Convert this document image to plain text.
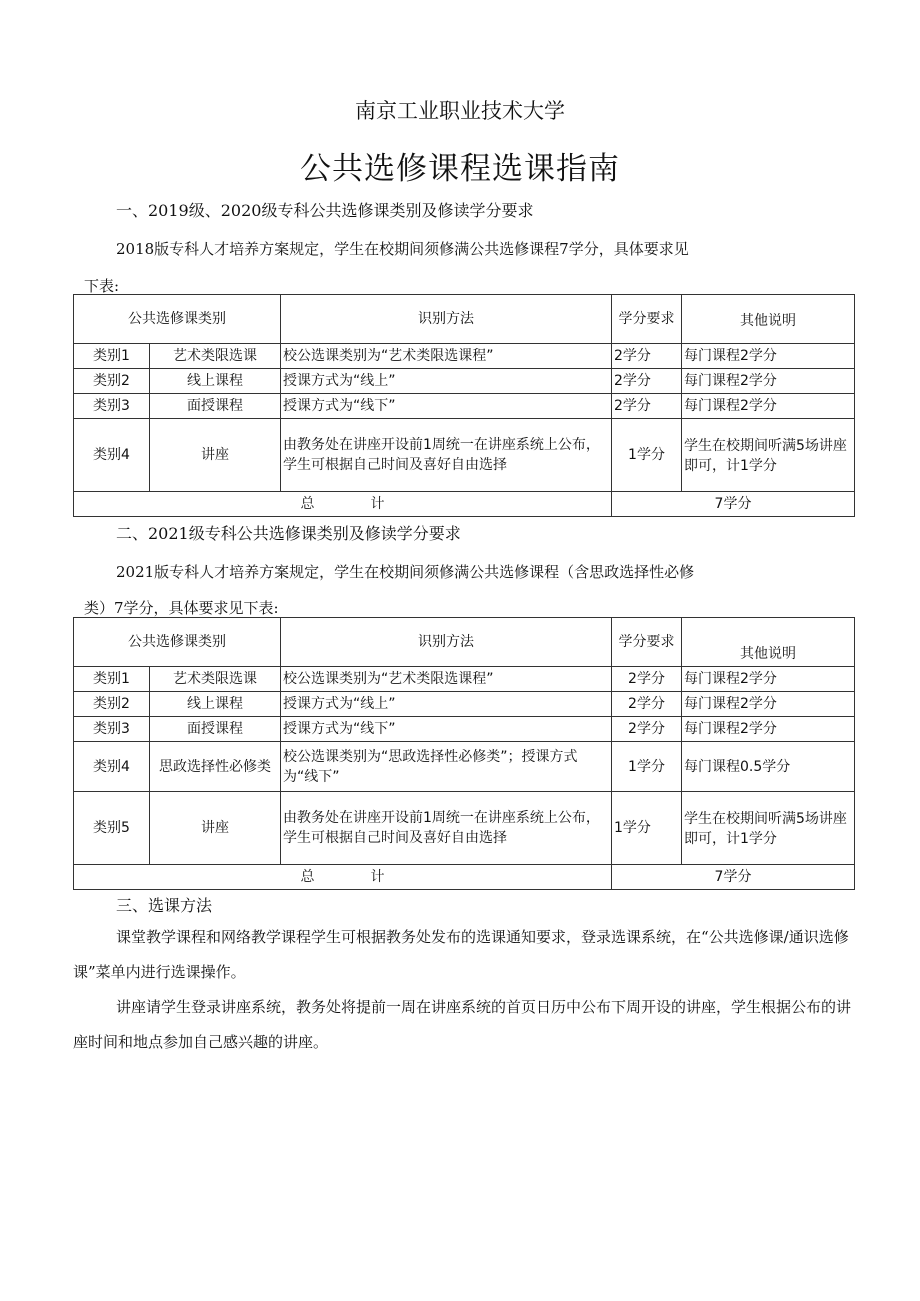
南京工业职业技术大学
公共选修课程选课指南
一、2019级、2020级专科公共选修课类别及修读学分要求
2018版专科人才培养方案规定，学生在校期间须修满公共选修课程7学分，具体要求见
下表:
公共选修课类别		识别方法	学分要求	其他说明
类别1	艺术类限选课	校公选课类别为“艺术类限选课程”	2学分	每门课程2学分
类别2	线上课程	授课方式为“线上”	2学分	每门课程2学分
类别3	面授课程	授课方式为“线下”	2学分	每门课程2学分
类别4	讲座	由教务处在讲座开设前1周统一在讲座系统上公布，学生可根据自己时间及喜好自由选择	1学分	学生在校期间听满5场讲座即可，计1学分
总　　　　计			7学分	
二、2021级专科公共选修课类别及修读学分要求
2021版专科人才培养方案规定，学生在校期间须修满公共选修课程（含思政选择性必修
类）7学分，具体要求见下表:
公共选修课类别		识别方法	学分要求	其他说明
类别1	艺术类限选课	校公选课类别为“艺术类限选课程”	2学分	每门课程2学分
类别2	线上课程	授课方式为“线上”	2学分	每门课程2学分
类别3	面授课程	授课方式为“线下”	2学分	每门课程2学分
类别4	思政选择性必修类	校公选课类别为“思政选择性必修类”；授课方式为“线下”	1学分	每门课程0.5学分
类别5	讲座	由教务处在讲座开设前1周统一在讲座系统上公布，学生可根据自己时间及喜好自由选择	1学分	学生在校期间听满5场讲座即可，计1学分
总　　　　计			7学分	
三、选课方法
课堂教学课程和网络教学课程学生可根据教务处发布的选课通知要求，登录选课系统，在“公共选修课/通识选修课”菜单内进行选课操作。
讲座请学生登录讲座系统，教务处将提前一周在讲座系统的首页日历中公布下周开设的讲座，学生根据公布的讲座时间和地点参加自己感兴趣的讲座。
